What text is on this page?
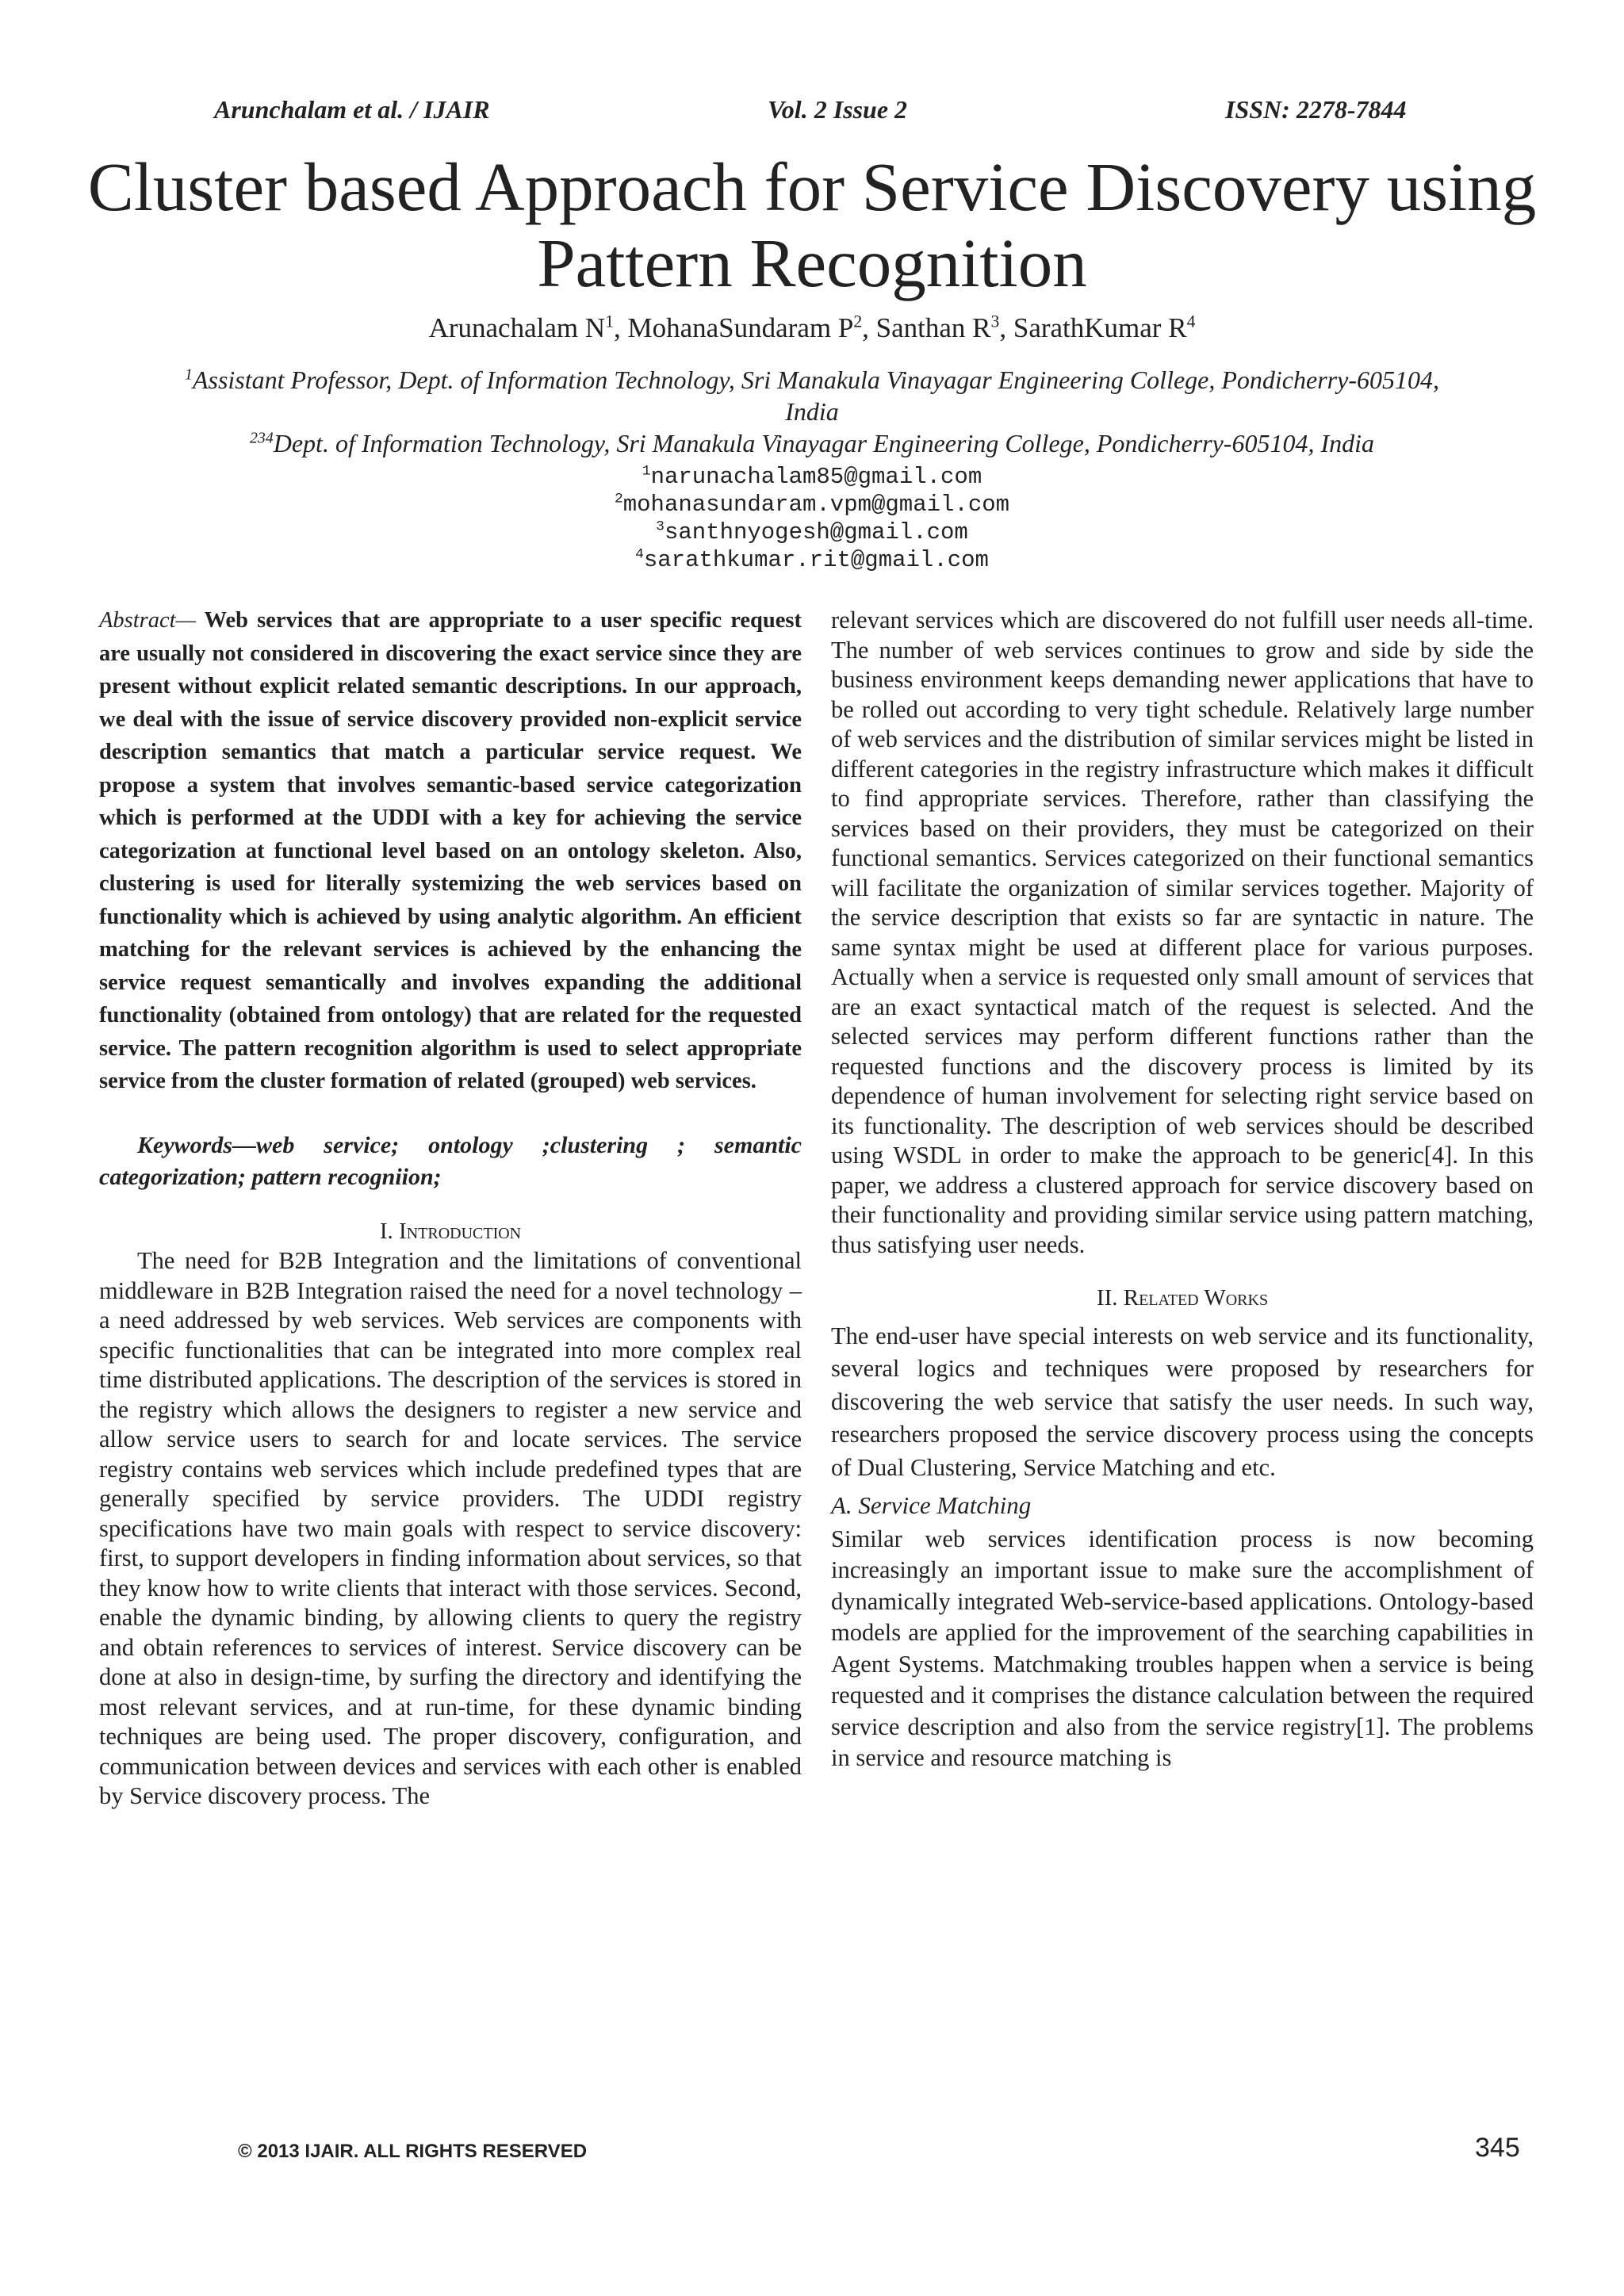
Arunchalam et al. / IJAIR	Vol. 2 Issue 2	ISSN: 2278-7844
Cluster based Approach for Service Discovery using
Pattern Recognition
Arunachalam $N^1$, MohanaSundaram $P^2$, Santhan $R^3$, SarathKumar $R^4$
$^1$Assistant Professor, Dept. of Information Technology, Sri Manakula Vinayagar Engineering College, Pondicherry-605104,
India
$^{234}$Dept. of Information Technology, Sri Manakula Vinayagar Engineering College, Pondicherry-605104, India
$^1$narunachalam85@gmail.com
$^2$mohanasundaram.vpm@gmail.com
$^3$santhnyogesh@gmail.com
$^4$sarathkumar.rit@gmail.com

Abstract— Web services that are appropriate to a user specific request are usually not considered in discovering the exact service since they are present without explicit related semantic descriptions. In our approach, we deal with the issue of service discovery provided non-explicit service description semantics that match a particular service request. We propose a system that involves semantic-based service categorization which is performed at the UDDI with a key for achieving the service categorization at functional level based on an ontology skeleton. Also, clustering is used for literally systemizing the web services based on functionality which is achieved by using analytic algorithm. An efficient matching for the relevant services is achieved by the enhancing the service request semantically and involves expanding the additional functionality (obtained from ontology) that are related for the requested service. The pattern recognition algorithm is used to select appropriate service from the cluster formation of related (grouped) web services.

Keywords—web service; ontology ;clustering ; semantic categorization; pattern recogniion;

I. Introduction

The need for B2B Integration and the limitations of conventional middleware in B2B Integration raised the need for a novel technology – a need addressed by web services. Web services are components with specific functionalities that can be integrated into more complex real time distributed applications. The description of the services is stored in the registry which allows the designers to register a new service and allow service users to search for and locate services. The service registry contains web services which include predefined types that are generally specified by service providers. The UDDI registry specifications have two main goals with respect to service discovery: first, to support developers in finding information about services, so that they know how to write clients that interact with those services. Second, enable the dynamic binding, by allowing clients to query the registry and obtain references to services of interest. Service discovery can be done at also in design-time, by surfing the directory and identifying the most relevant services, and at run-time, for these dynamic binding techniques are being used. The proper discovery, configuration, and communication between devices and services with each other is enabled by Service discovery process. The

relevant services which are discovered do not fulfill user needs all-time. The number of web services continues to grow and side by side the business environment keeps demanding newer applications that have to be rolled out according to very tight schedule. Relatively large number of web services and the distribution of similar services might be listed in different categories in the registry infrastructure which makes it difficult to find appropriate services. Therefore, rather than classifying the services based on their providers, they must be categorized on their functional semantics. Services categorized on their functional semantics will facilitate the organization of similar services together. Majority of the service description that exists so far are syntactic in nature. The same syntax might be used at different place for various purposes. Actually when a service is requested only small amount of services that are an exact syntactical match of the request is selected. And the selected services may perform different functions rather than the requested functions and the discovery process is limited by its dependence of human involvement for selecting right service based on its functionality. The description of web services should be described using WSDL in order to make the approach to be generic[4]. In this paper, we address a clustered approach for service discovery based on their functionality and providing similar service using pattern matching, thus satisfying user needs.

II. Related Works

The end-user have special interests on web service and its functionality, several logics and techniques were proposed by researchers for discovering the web service that satisfy the user needs. In such way, researchers proposed the service discovery process using the concepts of Dual Clustering, Service Matching and etc.

A. Service Matching

Similar web services identification process is now becoming increasingly an important issue to make sure the accomplishment of dynamically integrated Web-service-based applications. Ontology-based models are applied for the improvement of the searching capabilities in Agent Systems. Matchmaking troubles happen when a service is being requested and it comprises the distance calculation between the required service description and also from the service registry[1]. The problems in service and resource matching is

© 2013 IJAIR. ALL RIGHTS RESERVED	345
